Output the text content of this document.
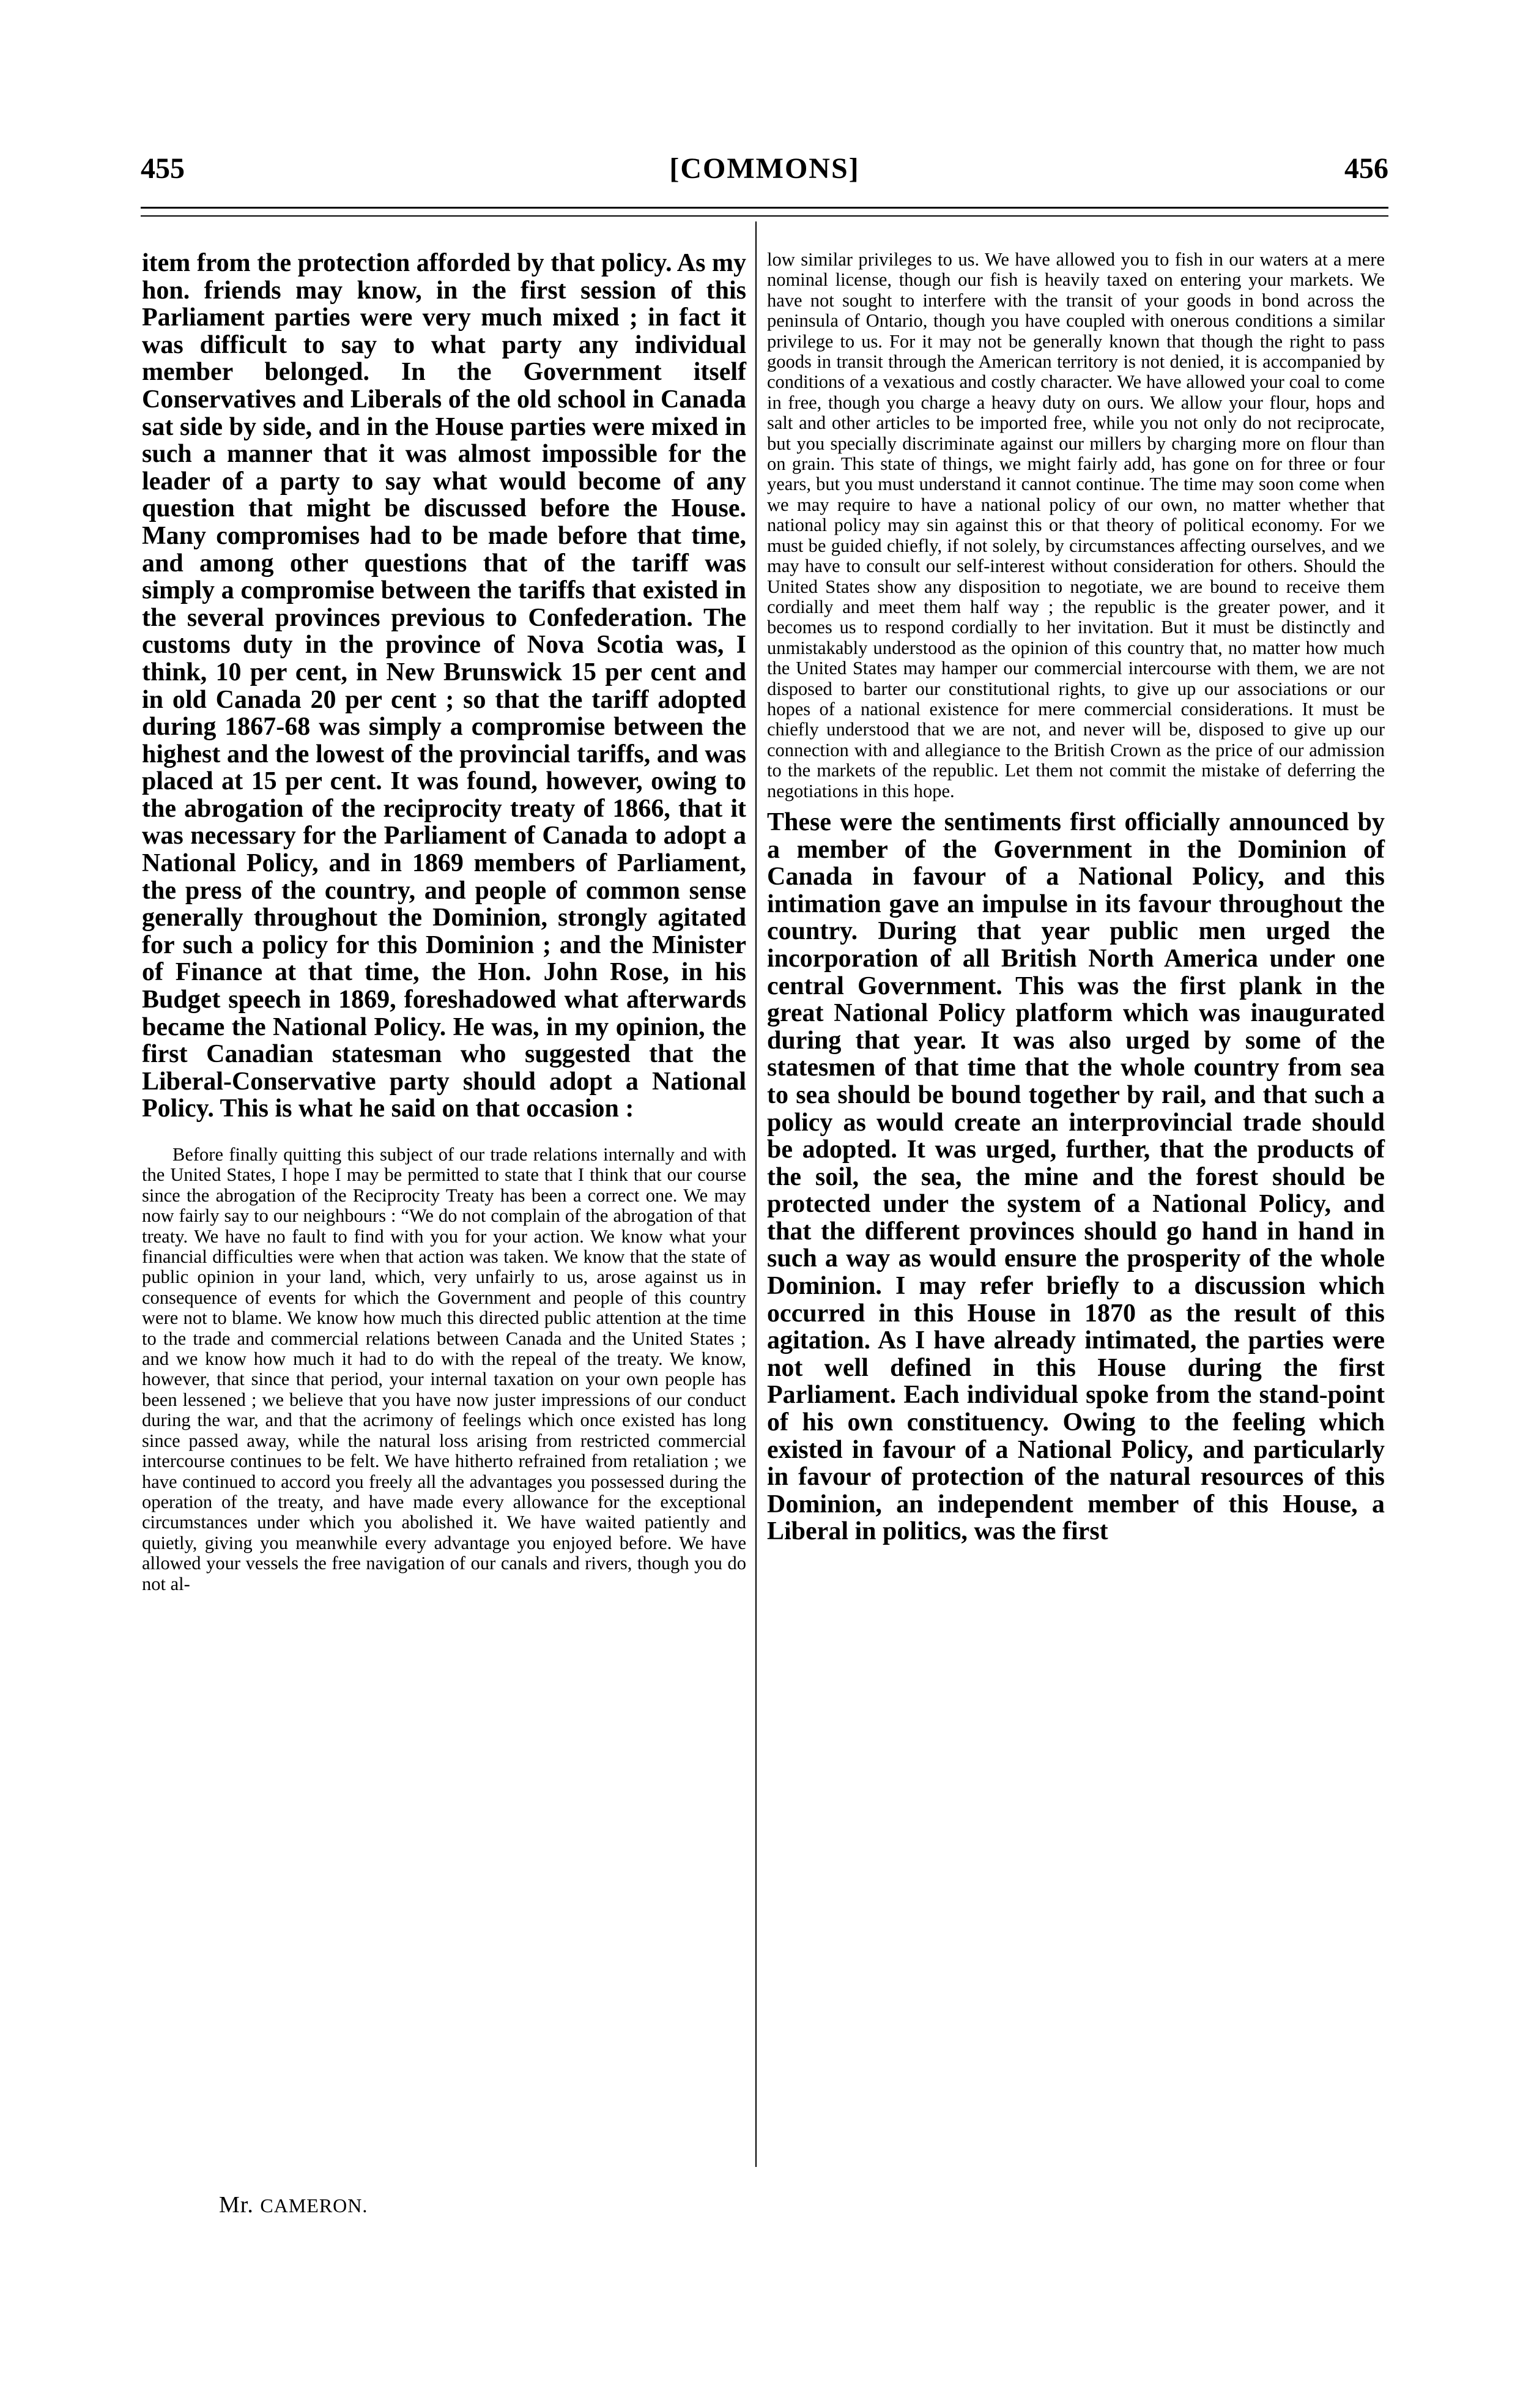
455	[COMMONS]	456

item from the protection afforded by that policy. As my hon. friends may know, in the first session of this Parliament parties were very much mixed ; in fact it was difficult to say to what party any individual member belonged. In the Government itself Conservatives and Liberals of the old school in Canada sat side by side, and in the House parties were mixed in such a manner that it was almost impossible for the leader of a party to say what would become of any question that might be discussed before the House. Many compromises had to be made before that time, and among other questions that of the tariff was simply a compromise between the tariffs that existed in the several provinces previous to Confederation. The customs duty in the province of Nova Scotia was, I think, 10 per cent, in New Brunswick 15 per cent and in old Canada 20 per cent ; so that the tariff adopted during 1867-68 was simply a compromise between the highest and the lowest of the provincial tariffs, and was placed at 15 per cent. It was found, however, owing to the abrogation of the reciprocity treaty of 1866, that it was necessary for the Parliament of Canada to adopt a National Policy, and in 1869 members of Parliament, the press of the country, and people of common sense generally throughout the Dominion, strongly agitated for such a policy for this Dominion ; and the Minister of Finance at that time, the Hon. John Rose, in his Budget speech in 1869, foreshadowed what afterwards became the National Policy. He was, in my opinion, the first Canadian statesman who suggested that the Liberal-Conservative party should adopt a National Policy. This is what he said on that occasion :

Before finally quitting this subject of our trade relations internally and with the United States, I hope I may be permitted to state that I think that our course since the abrogation of the Reciprocity Treaty has been a correct one. We may now fairly say to our neighbours : “We do not complain of the abrogation of that treaty. We have no fault to find with you for your action. We know what your financial difficulties were when that action was taken. We know that the state of public opinion in your land, which, very unfairly to us, arose against us in consequence of events for which the Government and people of this country were not to blame. We know how much this directed public attention at the time to the trade and commercial relations between Canada and the United States ; and we know how much it had to do with the repeal of the treaty. We know, however, that since that period, your internal taxation on your own people has been lessened ; we believe that you have now juster impressions of our conduct during the war, and that the acrimony of feelings which once existed has long since passed away, while the natural loss arising from restricted commercial intercourse continues to be felt. We have hitherto refrained from retaliation ; we have continued to accord you freely all the advantages you possessed during the operation of the treaty, and have made every allowance for the exceptional circumstances under which you abolished it. We have waited patiently and quietly, giving you meanwhile every advantage you enjoyed before. We have allowed your vessels the free navigation of our canals and rivers, though you do not al-

low similar privileges to us. We have allowed you to fish in our waters at a mere nominal license, though our fish is heavily taxed on entering your markets. We have not sought to interfere with the transit of your goods in bond across the peninsula of Ontario, though you have coupled with onerous conditions a similar privilege to us. For it may not be generally known that though the right to pass goods in transit through the American territory is not denied, it is accompanied by conditions of a vexatious and costly character. We have allowed your coal to come in free, though you charge a heavy duty on ours. We allow your flour, hops and salt and other articles to be imported free, while you not only do not reciprocate, but you specially discriminate against our millers by charging more on flour than on grain. This state of things, we might fairly add, has gone on for three or four years, but you must understand it cannot continue. The time may soon come when we may require to have a national policy of our own, no matter whether that national policy may sin against this or that theory of political economy. For we must be guided chiefly, if not solely, by circumstances affecting ourselves, and we may have to consult our self-interest without consideration for others. Should the United States show any disposition to negotiate, we are bound to receive them cordially and meet them half way ; the republic is the greater power, and it becomes us to respond cordially to her invitation. But it must be distinctly and unmistakably understood as the opinion of this country that, no matter how much the United States may hamper our commercial intercourse with them, we are not disposed to barter our constitutional rights, to give up our associations or our hopes of a national existence for mere commercial considerations. It must be chiefly understood that we are not, and never will be, disposed to give up our connection with and allegiance to the British Crown as the price of our admission to the markets of the republic. Let them not commit the mistake of deferring the negotiations in this hope.

These were the sentiments first officially announced by a member of the Government in the Dominion of Canada in favour of a National Policy, and this intimation gave an impulse in its favour throughout the country. During that year public men urged the incorporation of all British North America under one central Government. This was the first plank in the great National Policy platform which was inaugurated during that year. It was also urged by some of the statesmen of that time that the whole country from sea to sea should be bound together by rail, and that such a policy as would create an interprovincial trade should be adopted. It was urged, further, that the products of the soil, the sea, the mine and the forest should be protected under the system of a National Policy, and that the different provinces should go hand in hand in such a way as would ensure the prosperity of the whole Dominion. I may refer briefly to a discussion which occurred in this House in 1870 as the result of this agitation. As I have already intimated, the parties were not well defined in this House during the first Parliament. Each individual spoke from the stand-point of his own constituency. Owing to the feeling which existed in favour of a National Policy, and particularly in favour of protection of the natural resources of this Dominion, an independent member of this House, a Liberal in politics, was the first

Mr. CAMERON.
